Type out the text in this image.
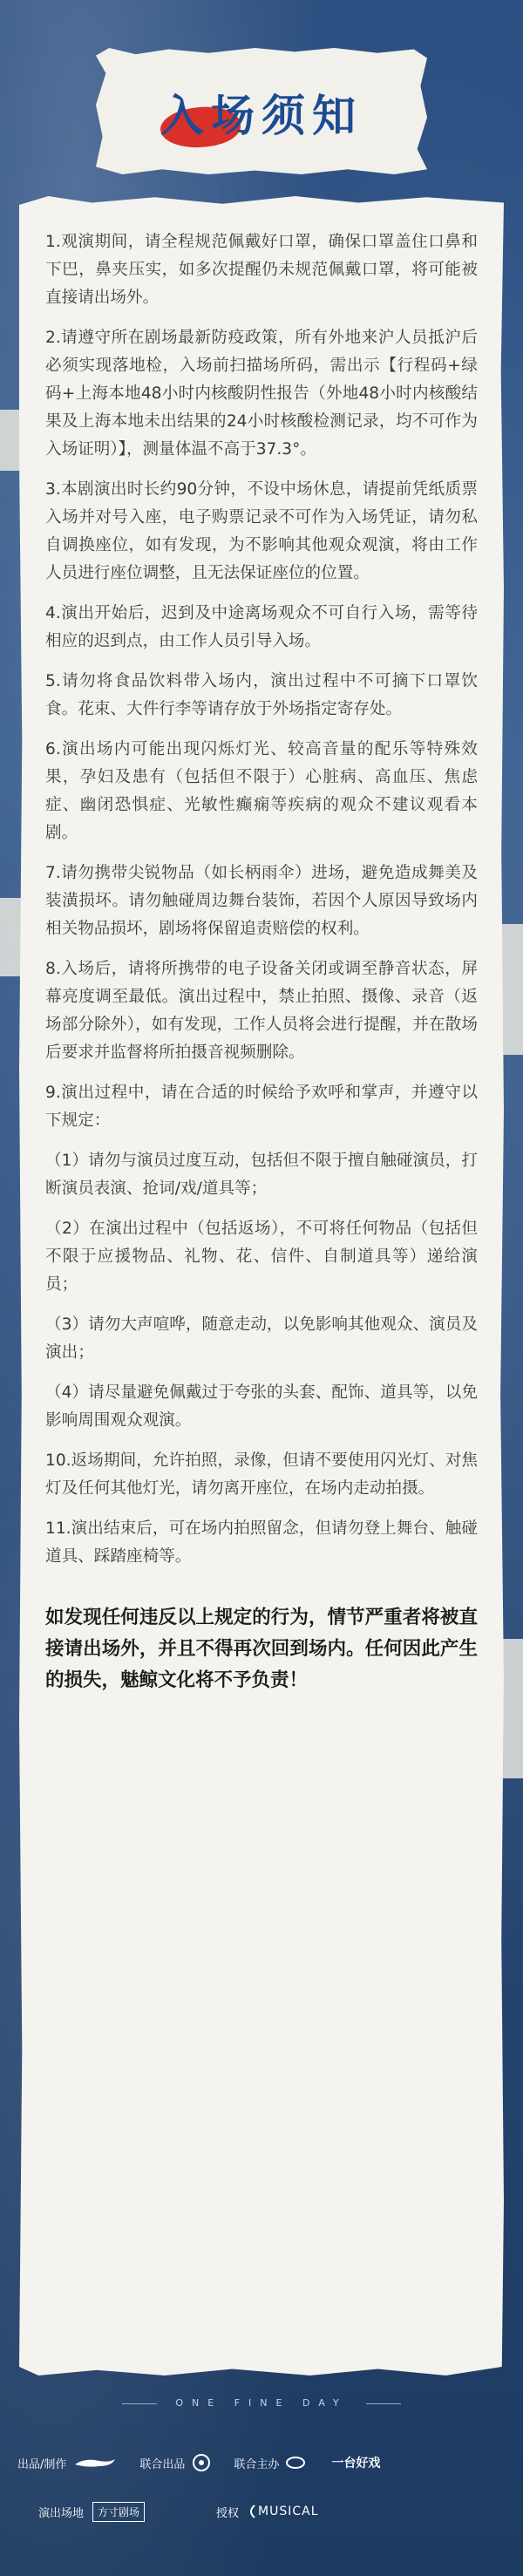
入场须知

1.观演期间，请全程规范佩戴好口罩，确保口罩盖住口鼻和下巴，鼻夹压实，如多次提醒仍未规范佩戴口罩，将可能被直接请出场外。

2.请遵守所在剧场最新防疫政策，所有外地来沪人员抵沪后必须实现落地检，入场前扫描场所码，需出示【行程码+绿码+上海本地48小时内核酸阴性报告（外地48小时内核酸结果及上海本地未出结果的24小时核酸检测记录，均不可作为入场证明）】，测量体温不高于37.3°。

3.本剧演出时长约90分钟，不设中场休息，请提前凭纸质票入场并对号入座，电子购票记录不可作为入场凭证，请勿私自调换座位，如有发现，为不影响其他观众观演，将由工作人员进行座位调整，且无法保证座位的位置。

4.演出开始后，迟到及中途离场观众不可自行入场，需等待相应的迟到点，由工作人员引导入场。

5.请勿将食品饮料带入场内，演出过程中不可摘下口罩饮食。花束、大件行李等请存放于外场指定寄存处。

6.演出场内可能出现闪烁灯光、较高音量的配乐等特殊效果，孕妇及患有（包括但不限于）心脏病、高血压、焦虑症、幽闭恐惧症、光敏性癫痫等疾病的观众不建议观看本剧。

7.请勿携带尖锐物品（如长柄雨伞）进场，避免造成舞美及装潢损坏。请勿触碰周边舞台装饰，若因个人原因导致场内相关物品损坏，剧场将保留追责赔偿的权利。

8.入场后，请将所携带的电子设备关闭或调至静音状态，屏幕亮度调至最低。演出过程中，禁止拍照、摄像、录音（返场部分除外），如有发现，工作人员将会进行提醒，并在散场后要求并监督将所拍摄音视频删除。

9.演出过程中，请在合适的时候给予欢呼和掌声，并遵守以下规定：

（1）请勿与演员过度互动，包括但不限于擅自触碰演员，打断演员表演、抢词/戏/道具等；

（2）在演出过程中（包括返场），不可将任何物品（包括但不限于应援物品、礼物、花、信件、自制道具等）递给演员；

（3）请勿大声喧哗，随意走动，以免影响其他观众、演员及演出；

（4）请尽量避免佩戴过于夸张的头套、配饰、道具等，以免影响周围观众观演。

10.返场期间，允许拍照，录像，但请不要使用闪光灯、对焦灯及任何其他灯光，请勿离开座位，在场内走动拍摄。

11.演出结束后，可在场内拍照留念，但请勿登上舞台、触碰道具、踩踏座椅等。

如发现任何违反以上规定的行为，情节严重者将被直接请出场外，并且不得再次回到场内。任何因此产生的损失，魅鲸文化将不予负责！

ONE FINE DAY
出品/制作	联合出品	联合主办	一台好戏
演出场地 方寸剧场	授权 MUSICAL
